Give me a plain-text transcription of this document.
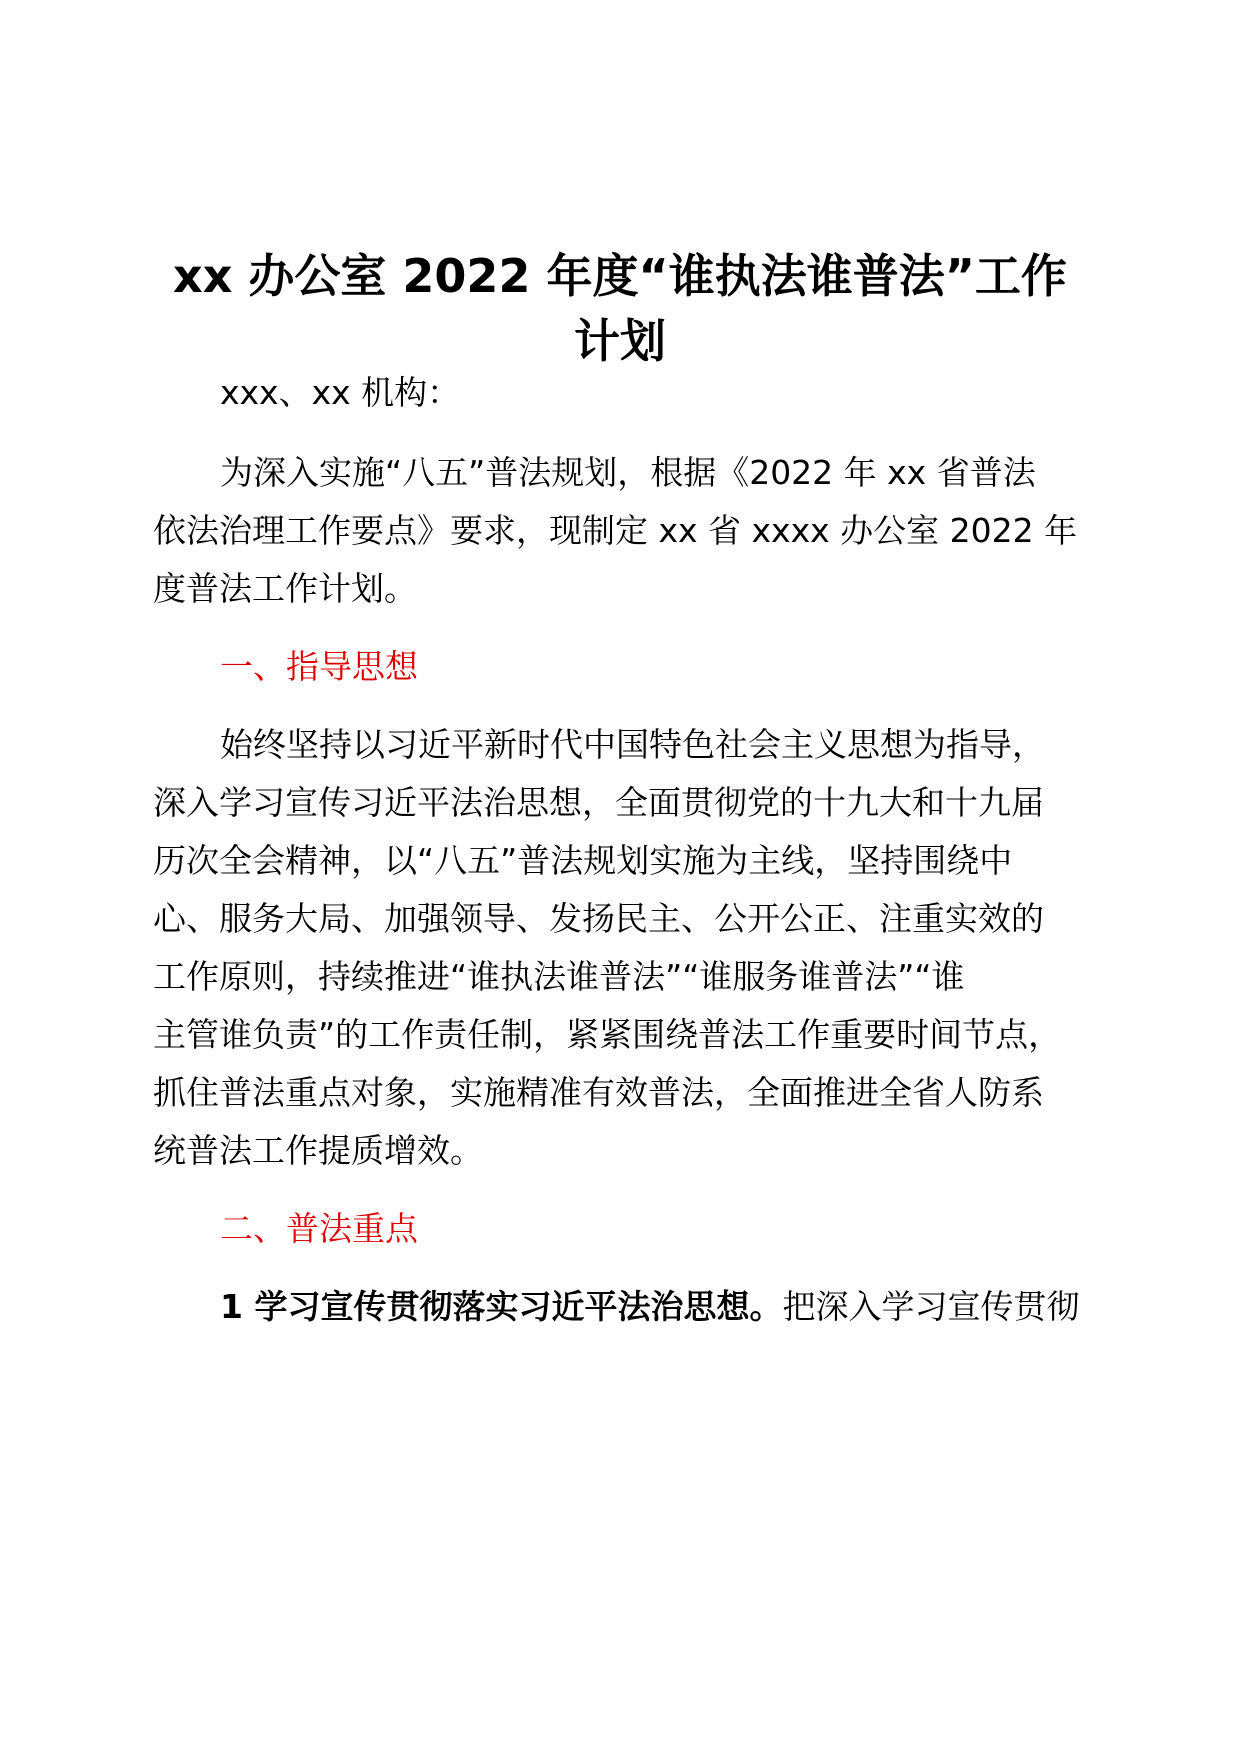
xx 办公室 2022 年度“谁执法谁普法”工作
计划
xxx、xx 机构：
为深入实施“八五”普法规划，根据《2022 年 xx 省普法
依法治理工作要点》要求，现制定 xx 省 xxxx 办公室 2022 年
度普法工作计划。
一、指导思想
始终坚持以习近平新时代中国特色社会主义思想为指导，
深入学习宣传习近平法治思想，全面贯彻党的十九大和十九届
历次全会精神，以“八五”普法规划实施为主线，坚持围绕中
心、服务大局、加强领导、发扬民主、公开公正、注重实效的
工作原则，持续推进“谁执法谁普法”“谁服务谁普法”“谁
主管谁负责”的工作责任制，紧紧围绕普法工作重要时间节点，
抓住普法重点对象，实施精准有效普法，全面推进全省人防系
统普法工作提质增效。
二、普法重点
1 学习宣传贯彻落实习近平法治思想。把深入学习宣传贯彻
